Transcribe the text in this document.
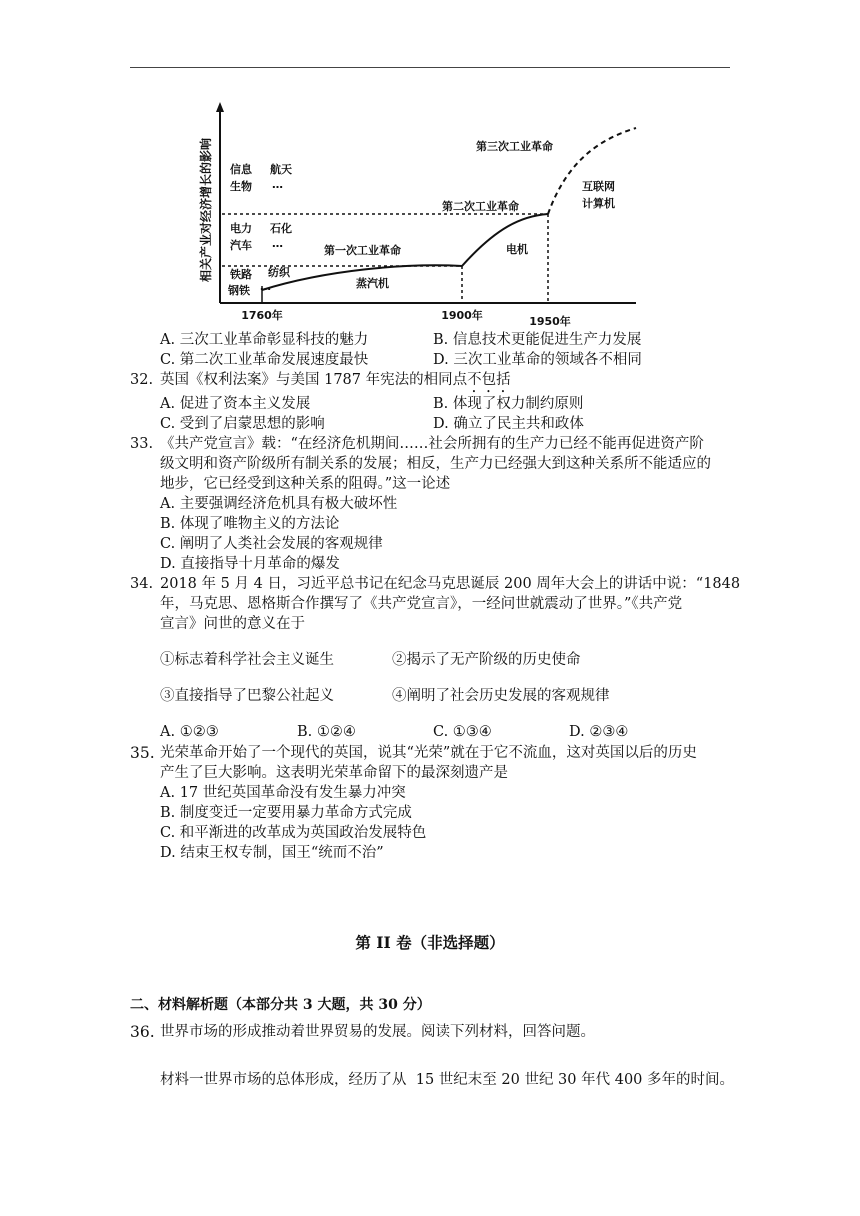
相关产业对经济增长的影响
1760年	1900年	1950年
信息 航天
生物 …
电力 石化
汽车 …
铁路 纺织
钢铁 …
第一次工业革命
第二次工业革命
第三次工业革命
蒸汽机
电机
互联网
计算机
A. 三次工业革命彰显科技的魅力	B. 信息技术更能促进生产力发展
C. 第二次工业革命发展速度最快	D. 三次工业革命的领域各不相同
32. 英国《权利法案》与美国 1787 年宪法的相同点不包括
A. 促进了资本主义发展	B. 体现了权力制约原则
C. 受到了启蒙思想的影响	D. 确立了民主共和政体
33. 《共产党宣言》载：“在经济危机期间……社会所拥有的生产力已经不能再促进资产阶
级文明和资产阶级所有制关系的发展；相反，生产力已经强大到这种关系所不能适应的
地步，它已经受到这种关系的阻碍。”这一论述
A. 主要强调经济危机具有极大破坏性
B. 体现了唯物主义的方法论
C. 阐明了人类社会发展的客观规律
D. 直接指导十月革命的爆发
34. 2018 年 5 月 4 日，习近平总书记在纪念马克思诞辰 200 周年大会上的讲话中说：“1848
年，马克思、恩格斯合作撰写了《共产党宣言》，一经问世就震动了世界。”《共产党
宣言》问世的意义在于
①标志着科学社会主义诞生	②揭示了无产阶级的历史使命
③直接指导了巴黎公社起义	④阐明了社会历史发展的客观规律
A. ①②③	B. ①②④	C. ①③④	D. ②③④
35. 光荣革命开始了一个现代的英国，说其“光荣”就在于它不流血，这对英国以后的历史
产生了巨大影响。这表明光荣革命留下的最深刻遗产是
A. 17 世纪英国革命没有发生暴力冲突
B. 制度变迁一定要用暴力革命方式完成
C. 和平渐进的改革成为英国政治发展特色
D. 结束王权专制，国王“统而不治”
第 II 卷（非选择题）
二、材料解析题（本部分共 3 大题，共 30 分）
36. 世界市场的形成推动着世界贸易的发展。阅读下列材料，回答问题。
材料一世界市场的总体形成，经历了从  15 世纪末至 20 世纪 30 年代 400 多年的时间。
